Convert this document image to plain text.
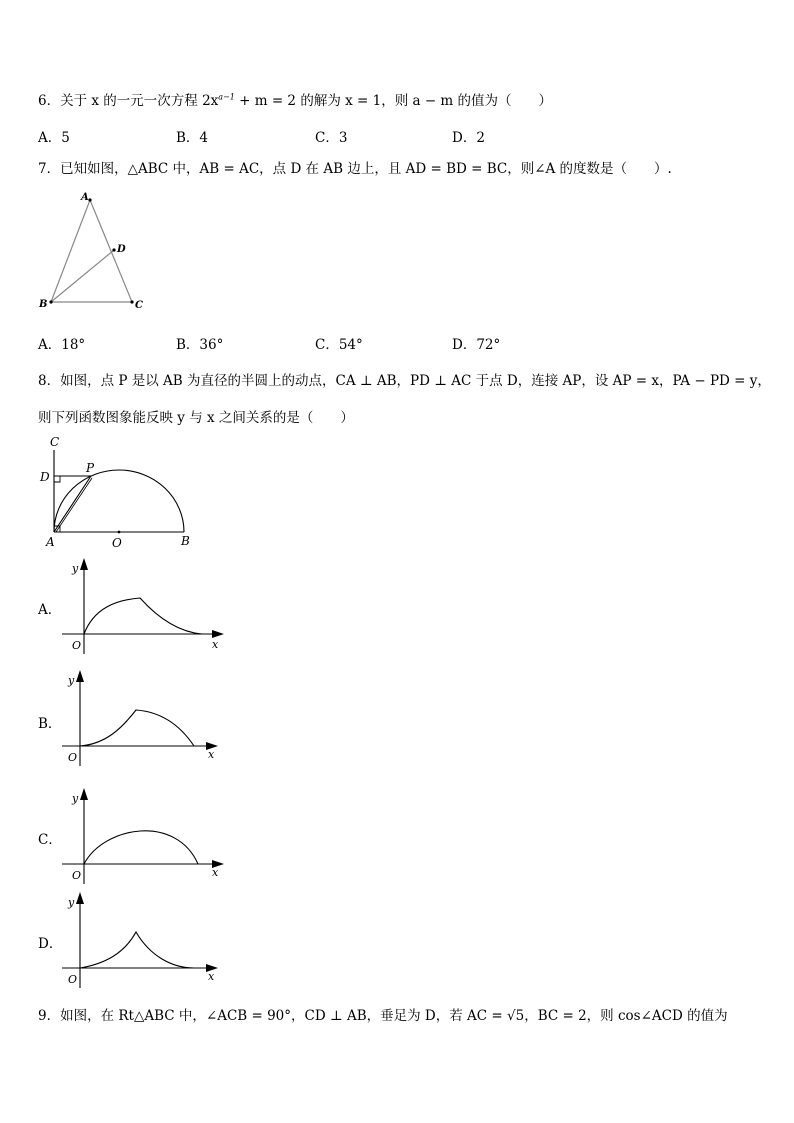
6．关于 x 的一元一次方程 $2x^{a-1} + m = 2$ 的解为 x = 1，则 a − m 的值为（　　）
A．5	B．4	C．3	D．2
7．已知如图，△ABC 中，AB = AC，点 D 在 AB 边上，且 AD = BD = BC，则∠A 的度数是（　　）.
A
B	C
D
A．18°	B．36°	C．54°	D．72°
8．如图，点 P 是以 AB 为直径的半圆上的动点，CA ⊥ AB，PD ⊥ AC 于点 D，连接 AP，设 AP = x，PA − PD = y，
则下列函数图象能反映 y 与 x 之间关系的是（　　）
C
D
P
A	O	B
A．
y
x
O
B．
y
x
O
C．
y
x
O
D．
y
x
O
9．如图，在 Rt△ABC 中，∠ACB = 90°，CD ⊥ AB，垂足为 D，若 AC = √5，BC = 2，则 cos∠ACD 的值为
